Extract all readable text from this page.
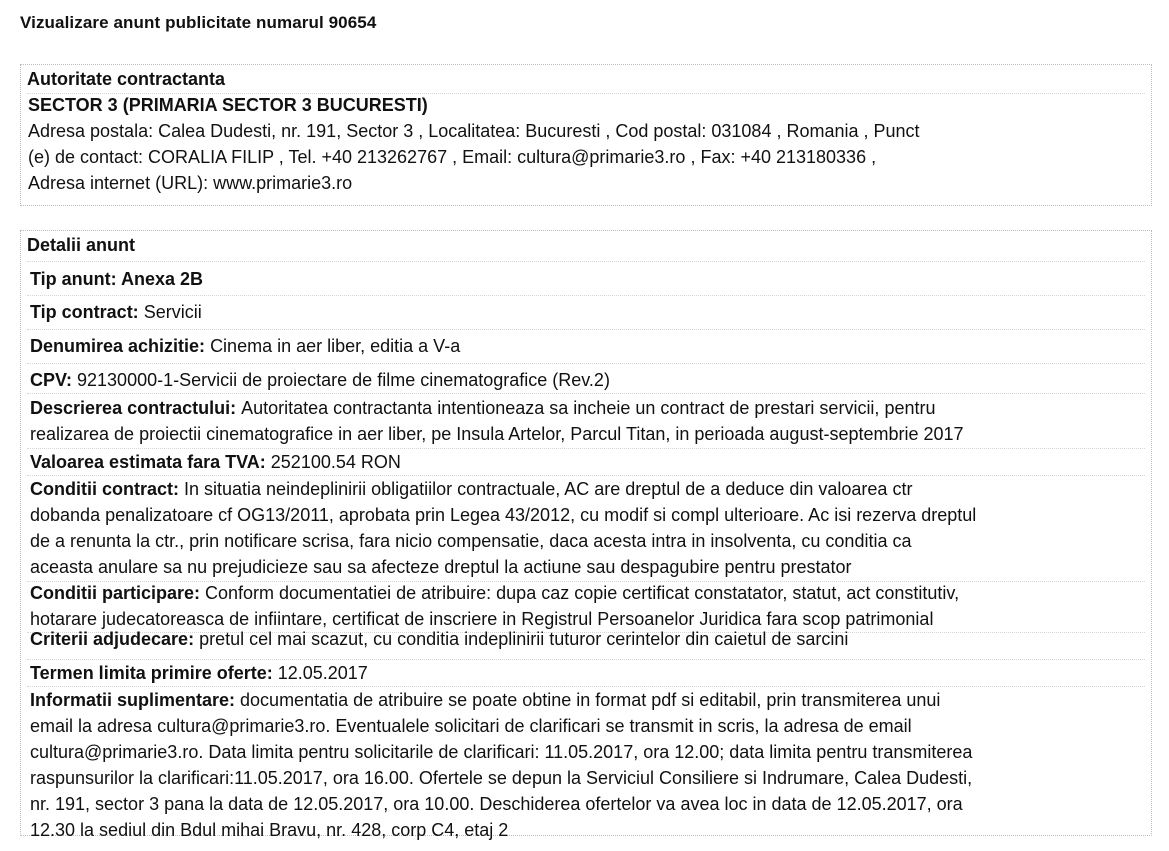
Vizualizare anunt publicitate numarul 90654
Autoritate contractanta
SECTOR 3 (PRIMARIA SECTOR 3 BUCURESTI)
Adresa postala: Calea Dudesti, nr. 191, Sector 3 , Localitatea: Bucuresti , Cod postal: 031084 , Romania , Punct
(e) de contact: CORALIA FILIP , Tel. +40 213262767 , Email: cultura@primarie3.ro , Fax: +40 213180336 ,
Adresa internet (URL): www.primarie3.ro
Detalii anunt
Tip anunt: Anexa 2B
Tip contract: Servicii
Denumirea achizitie: Cinema in aer liber, editia a V-a
CPV: 92130000-1-Servicii de proiectare de filme cinematografice (Rev.2)
Descrierea contractului: Autoritatea contractanta intentioneaza sa incheie un contract de prestari servicii, pentru
realizarea de proiectii cinematografice in aer liber, pe Insula Artelor, Parcul Titan, in perioada august-septembrie 2017
Valoarea estimata fara TVA: 252100.54 RON
Conditii contract: In situatia neindeplinirii obligatiilor contractuale, AC are dreptul de a deduce din valoarea ctr
dobanda penalizatoare cf OG13/2011, aprobata prin Legea 43/2012, cu modif si compl ulterioare. Ac isi rezerva dreptul
de a renunta la ctr., prin notificare scrisa, fara nicio compensatie, daca acesta intra in insolventa, cu conditia ca
aceasta anulare sa nu prejudicieze sau sa afecteze dreptul la actiune sau despagubire pentru prestator
Conditii participare: Conform documentatiei de atribuire: dupa caz copie certificat constatator, statut, act constitutiv,
hotarare judecatoreasca de infiintare, certificat de inscriere in Registrul Persoanelor Juridica fara scop patrimonial
Criterii adjudecare: pretul cel mai scazut, cu conditia indeplinirii tuturor cerintelor din caietul de sarcini
Termen limita primire oferte: 12.05.2017
Informatii suplimentare: documentatia de atribuire se poate obtine in format pdf si editabil, prin transmiterea unui
email la adresa cultura@primarie3.ro. Eventualele solicitari de clarificari se transmit in scris, la adresa de email
cultura@primarie3.ro. Data limita pentru solicitarile de clarificari: 11.05.2017, ora 12.00; data limita pentru transmiterea
raspunsurilor la clarificari:11.05.2017, ora 16.00. Ofertele se depun la Serviciul Consiliere si Indrumare, Calea Dudesti,
nr. 191, sector 3 pana la data de 12.05.2017, ora 10.00. Deschiderea ofertelor va avea loc in data de 12.05.2017, ora
12.30 la sediul din Bdul mihai Bravu, nr. 428, corp C4, etaj 2
